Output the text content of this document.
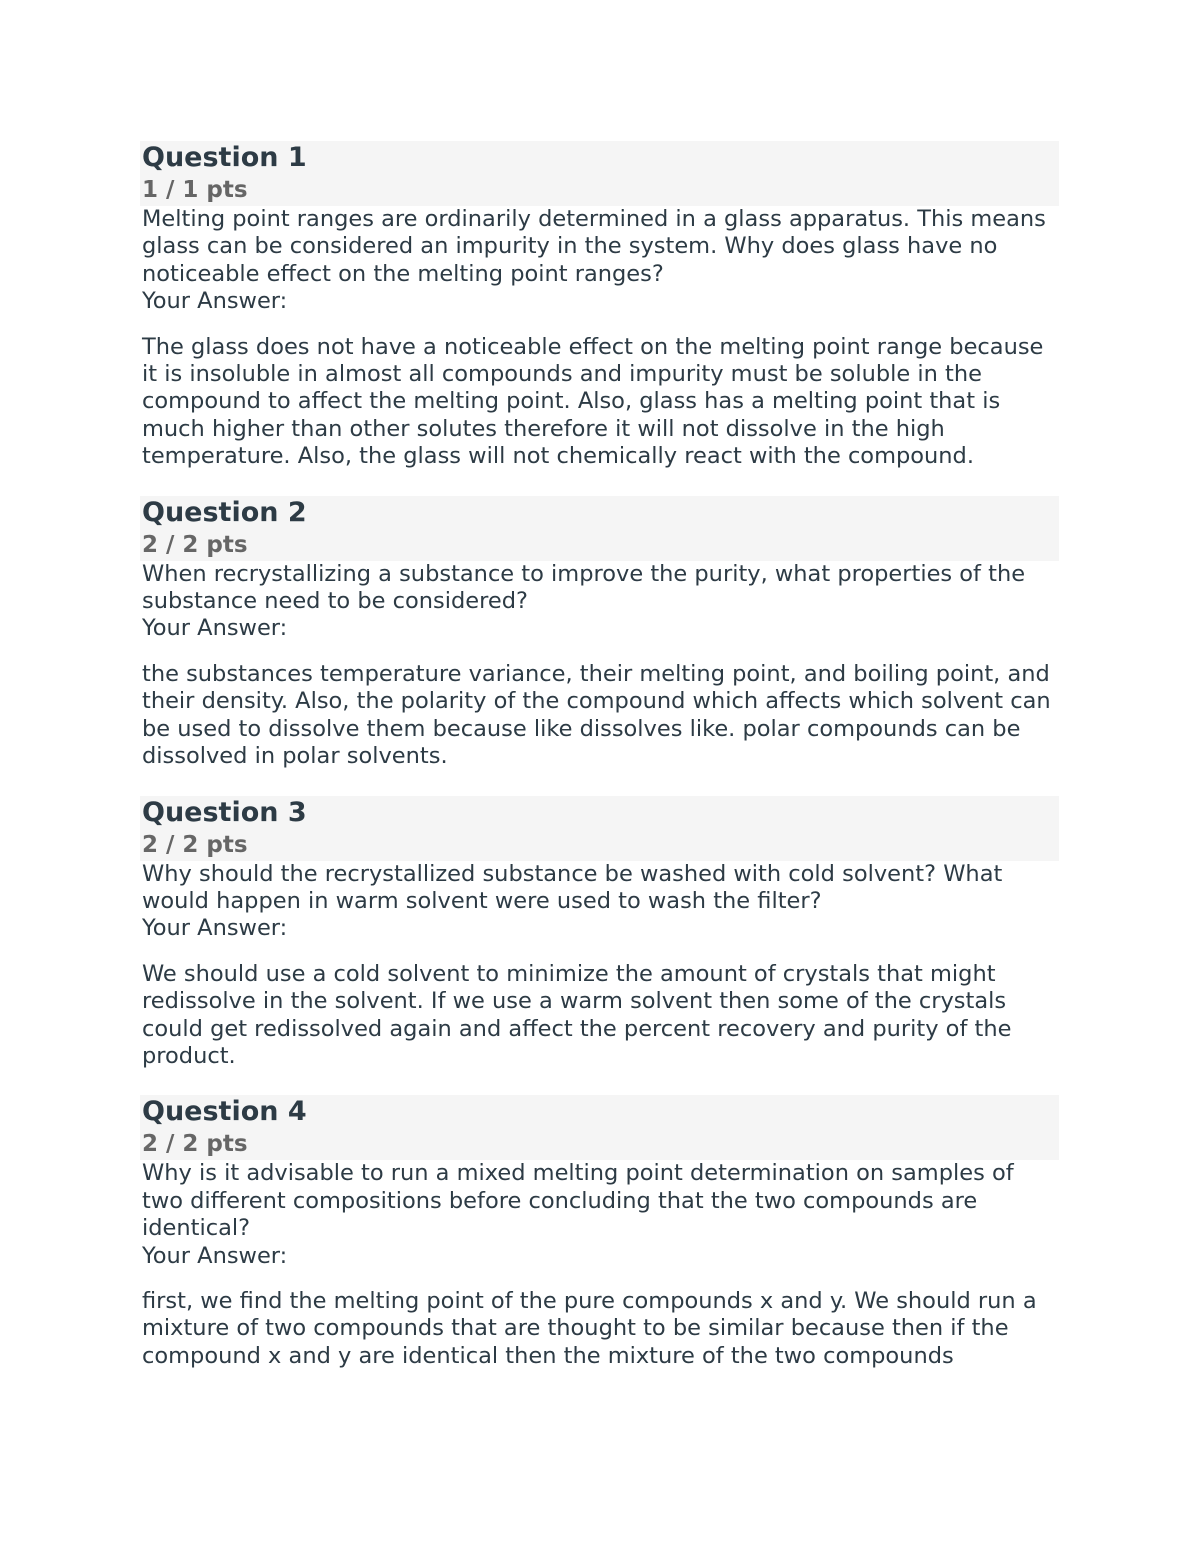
Question 1
1 / 1 pts

Melting point ranges are ordinarily determined in a glass apparatus. This means glass can be considered an impurity in the system. Why does glass have no noticeable effect on the melting point ranges?

Your Answer:

The glass does not have a noticeable effect on the melting point range because it is insoluble in almost all compounds and impurity must be soluble in the compound to affect the melting point. Also, glass has a melting point that is much higher than other solutes therefore it will not dissolve in the high temperature. Also, the glass will not chemically react with the compound.

Question 2
2 / 2 pts

When recrystallizing a substance to improve the purity, what properties of the substance need to be considered?

Your Answer:

the substances temperature variance, their melting point, and boiling point, and their density. Also, the polarity of the compound which affects which solvent can be used to dissolve them because like dissolves like. polar compounds can be dissolved in polar solvents.

Question 3
2 / 2 pts

Why should the recrystallized substance be washed with cold solvent? What would happen in warm solvent were used to wash the filter?

Your Answer:

We should use a cold solvent to minimize the amount of crystals that might redissolve in the solvent. If we use a warm solvent then some of the crystals could get redissolved again and affect the percent recovery and purity of the product.

Question 4
2 / 2 pts

Why is it advisable to run a mixed melting point determination on samples of two different compositions before concluding that the two compounds are identical?

Your Answer:

first, we find the melting point of the pure compounds x and y. We should run a mixture of two compounds that are thought to be similar because then if the compound x and y are identical then the mixture of the two compounds
